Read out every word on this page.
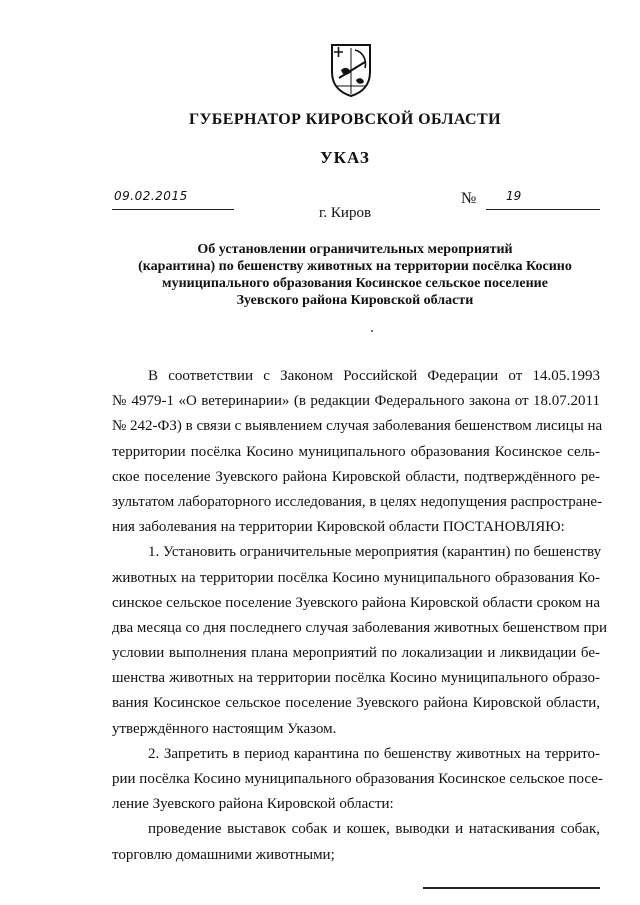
ГУБЕРНАТОР КИРОВСКОЙ ОБЛАСТИ
УКАЗ
09.02.2015	№ 19
г. Киров
Об установлении ограничительных мероприятий
(карантина) по бешенству животных на территории посёлка Косино
муниципального образования Косинское сельское поселение
Зуевского района Кировской области
В соответствии с Законом Российской Федерации от 14.05.1993
№ 4979-1 «О ветеринарии» (в редакции Федерального закона от 18.07.2011
№ 242-ФЗ) в связи с выявлением случая заболевания бешенством лисицы на
территории посёлка Косино муниципального образования Косинское сель-
ское поселение Зуевского района Кировской области, подтверждённого ре-
зультатом лабораторного исследования, в целях недопущения распростране-
ния заболевания на территории Кировской области ПОСТАНОВЛЯЮ:
1. Установить ограничительные мероприятия (карантин) по бешенству
животных на территории посёлка Косино муниципального образования Ко-
синское сельское поселение Зуевского района Кировской области сроком на
два месяца со дня последнего случая заболевания животных бешенством при
условии выполнения плана мероприятий по локализации и ликвидации бе-
шенства животных на территории посёлка Косино муниципального образо-
вания Косинское сельское поселение Зуевского района Кировской области,
утверждённого настоящим Указом.
2. Запретить в период карантина по бешенству животных на террито-
рии посёлка Косино муниципального образования Косинское сельское посе-
ление Зуевского района Кировской области:
проведение выставок собак и кошек, выводки и натаскивания собак,
торговлю домашними животными;
